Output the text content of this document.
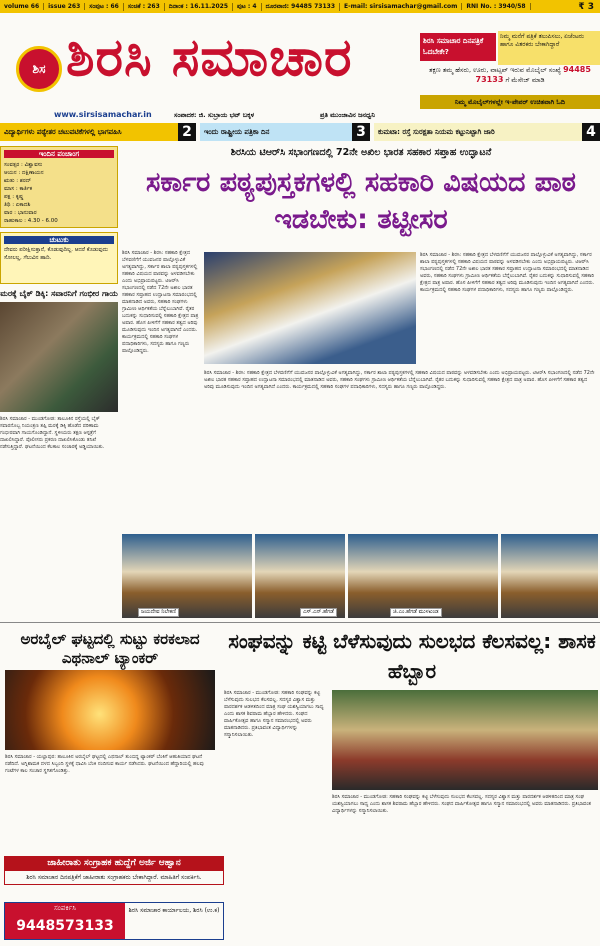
volume 66	issue 263	ಸಂಪುಟ : 66	ಸಂಚಿಕೆ : 263	ದಿನಾಂಕ : 16.11.2025	ಪುಟ : 4	ದೂರವಾಣಿ: 94485 73133	E-mail: sirsisamachar@gmail.com	RNI No. : 3940/58	₹ 3
ಶಿಸ ಶಿರಸಿ ಸಮಾಚಾರ
www.sirsisamachar.in	ಸಂಪಾದಕ: ಜಿ. ಸುಬ್ರಾಯ ಭಟ್ ಬಕ್ಕಳ	ಪ್ರತಿ ಮುಂಜಾವಿನ ಜನಧ್ವನಿ
ಶಿರಸಿ ಸಮಾಚಾರ ದಿನಪತ್ರಿಕೆ ಓದಬೇಕೇ?
ನಿಮ್ಮ ಮನೆಗೆ ಪತ್ರಿಕೆ ತಲುಪಿಸಲು, ಏಜೆಂಟರು ಹಾಗೂ ವಿತರಕರು ಬೇಕಾಗಿದ್ದಾರೆ
ತಕ್ಷಣ ತಮ್ಮ ಹೆಸರು, ಊರು, ವಾಟ್ಸಪ್ ಇರುವ ಮೊಬೈಲ್ ಸಂಖ್ಯೆ 94485 73133 ಗೆ ಮೆಸೇಜ್ ಮಾಡಿ
ನಿಮ್ಮ ಮೊಬೈಲ್‌ಗಳಲ್ಲೇ ಇ-ಪೇಪರ್ ಉಚಿತವಾಗಿ ಓದಿ
ವಿದ್ಯಾರ್ಥಿಗಳು ಪಠ್ಯೇತರ ಚಟುವಟಿಕೆಗಳಲ್ಲಿ ಭಾಗವಹಿಸಿ	2	ಇಂದು ರಾಷ್ಟ್ರೀಯ ಪತ್ರಿಕಾ ದಿನ	3	ಕುಮಟಾ: ರಸ್ತೆ ಸುರಕ್ಷತಾ ನಿಯಮ ಕಟ್ಟುನಿಟ್ಟಾಗಿ ಜಾರಿ	4
ಇಂದಿನ ಪಂಚಾಂಗ
ಸಂವತ್ಸರ : ವಿಶ್ವಾವಸು
ಆಯನ : ದಕ್ಷಿಣಾಯನ
ಋತು : ಶರದ್
ಮಾಸ : ಕಾರ್ತಿಕ
ಪಕ್ಷ : ಕೃಷ್ಣ
ತಿಥಿ : ಏಕಾದಶಿ
ವಾರ : ಭಾನುವಾರ
ರಾಹುಕಾಲ : 4.30 - 6.00
ಚುಟುಕು
ದೇವರು ಪರೀಕ್ಷಿಸುತ್ತಾನೆ, ಕೊಡುವುದಿಲ್ಲ. ಆದರೆ ಕೊಡುವುದು ಸೋಲಲ್ಲ, ಗೆಲುವಿನ ಹಾದಿ.
ಮರಕ್ಕೆ ಬೈಕ್ ಡಿಕ್ಕಿ: ಸವಾರನಿಗೆ ಗಂಭೀರ ಗಾಯ
ಶಿರಸಿ ಸಮಾಚಾರ - ಮುಂಡಗೋಡ: ತಾಲೂಕಿನ ರಸ್ತೆಯಲ್ಲಿ ಬೈಕ್ ಸವಾರನೊಬ್ಬ ನಿಯಂತ್ರಣ ತಪ್ಪಿ ಮರಕ್ಕೆ ಡಿಕ್ಕಿ ಹೊಡೆದ ಪರಿಣಾಮ ಗಂಭೀರವಾಗಿ ಗಾಯಗೊಂಡಿದ್ದಾನೆ. ಸ್ಥಳೀಯರು ತಕ್ಷಣ ಆಸ್ಪತ್ರೆಗೆ ದಾಖಲಿಸಿದ್ದಾರೆ. ಪೊಲೀಸರು ಪ್ರಕರಣ ದಾಖಲಿಸಿಕೊಂಡು ತನಿಖೆ ನಡೆಸುತ್ತಿದ್ದಾರೆ. ಘಟನೆಯಿಂದ ಕೆಲಕಾಲ ಸಂಚಾರಕ್ಕೆ ಅಡ್ಡಿಯಾಯಿತು.
ಶಿರಸಿಯ ಟಿಆರ್‌ಸಿ ಸಭಾಂಗಣದಲ್ಲಿ 72ನೇ ಅಖಿಲ ಭಾರತ ಸಹಕಾರ ಸಪ್ತಾಹ ಉದ್ಘಾಟನೆ
ಸರ್ಕಾರ ಪಠ್ಯಪುಸ್ತಕಗಳಲ್ಲಿ ಸಹಕಾರಿ ವಿಷಯದ ಪಾಠ ಇಡಬೇಕು: ತಟ್ಟೀಸರ
ಶಿರಸಿ ಸಮಾಚಾರ - ಶಿರಸಿ: ಸಹಕಾರಿ ಕ್ಷೇತ್ರದ ಬೆಳವಣಿಗೆಗೆ ಯುವಜನರ ಪಾಲ್ಗೊಳ್ಳುವಿಕೆ ಅಗತ್ಯವಾಗಿದ್ದು, ಸರ್ಕಾರ ಶಾಲಾ ಪಠ್ಯಪುಸ್ತಕಗಳಲ್ಲಿ ಸಹಕಾರಿ ವಿಷಯದ ಪಾಠವನ್ನು ಅಳವಡಿಸಬೇಕು ಎಂದು ಅಭಿಪ್ರಾಯಪಟ್ಟರು. ಟಿಆರ್‌ಸಿ ಸಭಾಂಗಣದಲ್ಲಿ ನಡೆದ 72ನೇ ಅಖಿಲ ಭಾರತ ಸಹಕಾರ ಸಪ್ತಾಹದ ಉದ್ಘಾಟನಾ ಸಮಾರಂಭದಲ್ಲಿ ಮಾತನಾಡಿದ ಅವರು, ಸಹಕಾರಿ ಸಂಘಗಳು ಗ್ರಾಮೀಣ ಆರ್ಥಿಕತೆಯ ಬೆನ್ನೆಲುಬಾಗಿವೆ. ರೈತರ ಬದುಕನ್ನು ಸುಧಾರಿಸುವಲ್ಲಿ ಸಹಕಾರಿ ಕ್ಷೇತ್ರದ ಪಾತ್ರ ಅಪಾರ. ಹೊಸ ಪೀಳಿಗೆಗೆ ಸಹಕಾರ ತತ್ವದ ಅರಿವು ಮೂಡಿಸುವುದು ಇಂದಿನ ಅಗತ್ಯವಾಗಿದೆ ಎಂದರು. ಕಾರ್ಯಕ್ರಮದಲ್ಲಿ ಸಹಕಾರಿ ಸಂಘಗಳ ಪದಾಧಿಕಾರಿಗಳು, ಸದಸ್ಯರು ಹಾಗೂ ಗಣ್ಯರು ಪಾಲ್ಗೊಂಡಿದ್ದರು.
ಶಿರಸಿ ಸಮಾಚಾರ - ಶಿರಸಿ: ಸಹಕಾರಿ ಕ್ಷೇತ್ರದ ಬೆಳವಣಿಗೆಗೆ ಯುವಜನರ ಪಾಲ್ಗೊಳ್ಳುವಿಕೆ ಅಗತ್ಯವಾಗಿದ್ದು, ಸರ್ಕಾರ ಶಾಲಾ ಪಠ್ಯಪುಸ್ತಕಗಳಲ್ಲಿ ಸಹಕಾರಿ ವಿಷಯದ ಪಾಠವನ್ನು ಅಳವಡಿಸಬೇಕು ಎಂದು ಅಭಿಪ್ರಾಯಪಟ್ಟರು. ಟಿಆರ್‌ಸಿ ಸಭಾಂಗಣದಲ್ಲಿ ನಡೆದ 72ನೇ ಅಖಿಲ ಭಾರತ ಸಹಕಾರ ಸಪ್ತಾಹದ ಉದ್ಘಾಟನಾ ಸಮಾರಂಭದಲ್ಲಿ ಮಾತನಾಡಿದ ಅವರು, ಸಹಕಾರಿ ಸಂಘಗಳು ಗ್ರಾಮೀಣ ಆರ್ಥಿಕತೆಯ ಬೆನ್ನೆಲುಬಾಗಿವೆ. ರೈತರ ಬದುಕನ್ನು ಸುಧಾರಿಸುವಲ್ಲಿ ಸಹಕಾರಿ ಕ್ಷೇತ್ರದ ಪಾತ್ರ ಅಪಾರ. ಹೊಸ ಪೀಳಿಗೆಗೆ ಸಹಕಾರ ತತ್ವದ ಅರಿವು ಮೂಡಿಸುವುದು ಇಂದಿನ ಅಗತ್ಯವಾಗಿದೆ ಎಂದರು. ಕಾರ್ಯಕ್ರಮದಲ್ಲಿ ಸಹಕಾರಿ ಸಂಘಗಳ ಪದಾಧಿಕಾರಿಗಳು, ಸದಸ್ಯರು ಹಾಗೂ ಗಣ್ಯರು ಪಾಲ್ಗೊಂಡಿದ್ದರು.
ಶಿರಸಿ ಸಮಾಚಾರ - ಶಿರಸಿ: ಸಹಕಾರಿ ಕ್ಷೇತ್ರದ ಬೆಳವಣಿಗೆಗೆ ಯುವಜನರ ಪಾಲ್ಗೊಳ್ಳುವಿಕೆ ಅಗತ್ಯವಾಗಿದ್ದು, ಸರ್ಕಾರ ಶಾಲಾ ಪಠ್ಯಪುಸ್ತಕಗಳಲ್ಲಿ ಸಹಕಾರಿ ವಿಷಯದ ಪಾಠವನ್ನು ಅಳವಡಿಸಬೇಕು ಎಂದು ಅಭಿಪ್ರಾಯಪಟ್ಟರು. ಟಿಆರ್‌ಸಿ ಸಭಾಂಗಣದಲ್ಲಿ ನಡೆದ 72ನೇ ಅಖಿಲ ಭಾರತ ಸಹಕಾರ ಸಪ್ತಾಹದ ಉದ್ಘಾಟನಾ ಸಮಾರಂಭದಲ್ಲಿ ಮಾತನಾಡಿದ ಅವರು, ಸಹಕಾರಿ ಸಂಘಗಳು ಗ್ರಾಮೀಣ ಆರ್ಥಿಕತೆಯ ಬೆನ್ನೆಲುಬಾಗಿವೆ. ರೈತರ ಬದುಕನ್ನು ಸುಧಾರಿಸುವಲ್ಲಿ ಸಹಕಾರಿ ಕ್ಷೇತ್ರದ ಪಾತ್ರ ಅಪಾರ. ಹೊಸ ಪೀಳಿಗೆಗೆ ಸಹಕಾರ ತತ್ವದ ಅರಿವು ಮೂಡಿಸುವುದು ಇಂದಿನ ಅಗತ್ಯವಾಗಿದೆ ಎಂದರು. ಕಾರ್ಯಕ್ರಮದಲ್ಲಿ ಸಹಕಾರಿ ಸಂಘಗಳ ಪದಾಧಿಕಾರಿಗಳು, ಸದಸ್ಯರು ಹಾಗೂ ಗಣ್ಯರು ಪಾಲ್ಗೊಂಡಿದ್ದರು.
ಜಯದೇವ ನಿಲೇಕಣಿ	ಎಸ್.ಎನ್.ಹೆಗಡೆ	ಜಿ.ಎಂ.ಹೆಗಡೆ ಮುಳಖಂಡ
ಅರಬೈಲ್ ಘಟ್ಟದಲ್ಲಿ ಸುಟ್ಟು ಕರಕಲಾದ ಎಥನಾಲ್ ಟ್ಯಾಂಕರ್
ಶಿರಸಿ ಸಮಾಚಾರ - ಯಲ್ಲಾಪುರ: ತಾಲೂಕಿನ ಅರಬೈಲ್ ಘಟ್ಟದಲ್ಲಿ ಎಥನಾಲ್ ತುಂಬಿದ್ದ ಟ್ಯಾಂಕರ್ ಬೆಂಕಿಗೆ ಆಹುತಿಯಾದ ಘಟನೆ ನಡೆದಿದೆ. ಅಗ್ನಿಶಾಮಕ ದಳದ ಸಿಬ್ಬಂದಿ ಸ್ಥಳಕ್ಕೆ ಧಾವಿಸಿ ಬೆಂಕಿ ನಂದಿಸುವ ಕಾರ್ಯ ನಡೆಸಿದರು. ಘಟನೆಯಿಂದ ಹೆದ್ದಾರಿಯಲ್ಲಿ ಹಲವು ಗಂಟೆಗಳ ಕಾಲ ಸಂಚಾರ ಸ್ಥಗಿತಗೊಂಡಿತ್ತು.
ಸಂಘವನ್ನು ಕಟ್ಟಿ ಬೆಳೆಸುವುದು ಸುಲಭದ ಕೆಲಸವಲ್ಲ: ಶಾಸಕ ಹೆಬ್ಬಾರ
ಶಿರಸಿ ಸಮಾಚಾರ - ಮುಂಡಗೋಡ: ಸಹಕಾರಿ ಸಂಘವನ್ನು ಕಟ್ಟಿ ಬೆಳೆಸುವುದು ಸುಲಭದ ಕೆಲಸವಲ್ಲ. ಸದಸ್ಯರ ವಿಶ್ವಾಸ ಮತ್ತು ಪಾರದರ್ಶಕ ಆಡಳಿತದಿಂದ ಮಾತ್ರ ಸಂಘ ಯಶಸ್ವಿಯಾಗಲು ಸಾಧ್ಯ ಎಂದು ಶಾಸಕ ಶಿವರಾಮ ಹೆಬ್ಬಾರ ಹೇಳಿದರು. ಸಂಘದ ವಾರ್ಷಿಕೋತ್ಸವ ಹಾಗೂ ಸನ್ಮಾನ ಸಮಾರಂಭದಲ್ಲಿ ಅವರು ಮಾತನಾಡಿದರು. ಪ್ರತಿಭಾವಂತ ವಿದ್ಯಾರ್ಥಿಗಳನ್ನು ಸನ್ಮಾನಿಸಲಾಯಿತು.
ಶಿರಸಿ ಸಮಾಚಾರ - ಮುಂಡಗೋಡ: ಸಹಕಾರಿ ಸಂಘವನ್ನು ಕಟ್ಟಿ ಬೆಳೆಸುವುದು ಸುಲಭದ ಕೆಲಸವಲ್ಲ. ಸದಸ್ಯರ ವಿಶ್ವಾಸ ಮತ್ತು ಪಾರದರ್ಶಕ ಆಡಳಿತದಿಂದ ಮಾತ್ರ ಸಂಘ ಯಶಸ್ವಿಯಾಗಲು ಸಾಧ್ಯ ಎಂದು ಶಾಸಕ ಶಿವರಾಮ ಹೆಬ್ಬಾರ ಹೇಳಿದರು. ಸಂಘದ ವಾರ್ಷಿಕೋತ್ಸವ ಹಾಗೂ ಸನ್ಮಾನ ಸಮಾರಂಭದಲ್ಲಿ ಅವರು ಮಾತನಾಡಿದರು. ಪ್ರತಿಭಾವಂತ ವಿದ್ಯಾರ್ಥಿಗಳನ್ನು ಸನ್ಮಾನಿಸಲಾಯಿತು.
ಜಾಹೀರಾತು ಸಂಗ್ರಾಹಕ ಹುದ್ದೆಗೆ ಅರ್ಜಿ ಆಹ್ವಾನ
ಶಿರಸಿ ಸಮಾಚಾರ ದಿನಪತ್ರಿಕೆಗೆ ಜಾಹೀರಾತು ಸಂಗ್ರಾಹಕರು ಬೇಕಾಗಿದ್ದಾರೆ. ಮಾಹಿತಿಗೆ ಸಂಪರ್ಕಿಸಿ.
ಸಂಪರ್ಕಿಸಿ
9448573133
ಶಿರಸಿ ಸಮಾಚಾರ ಕಾರ್ಯಾಲಯ, ಶಿರಸಿ (ಉ.ಕ)
